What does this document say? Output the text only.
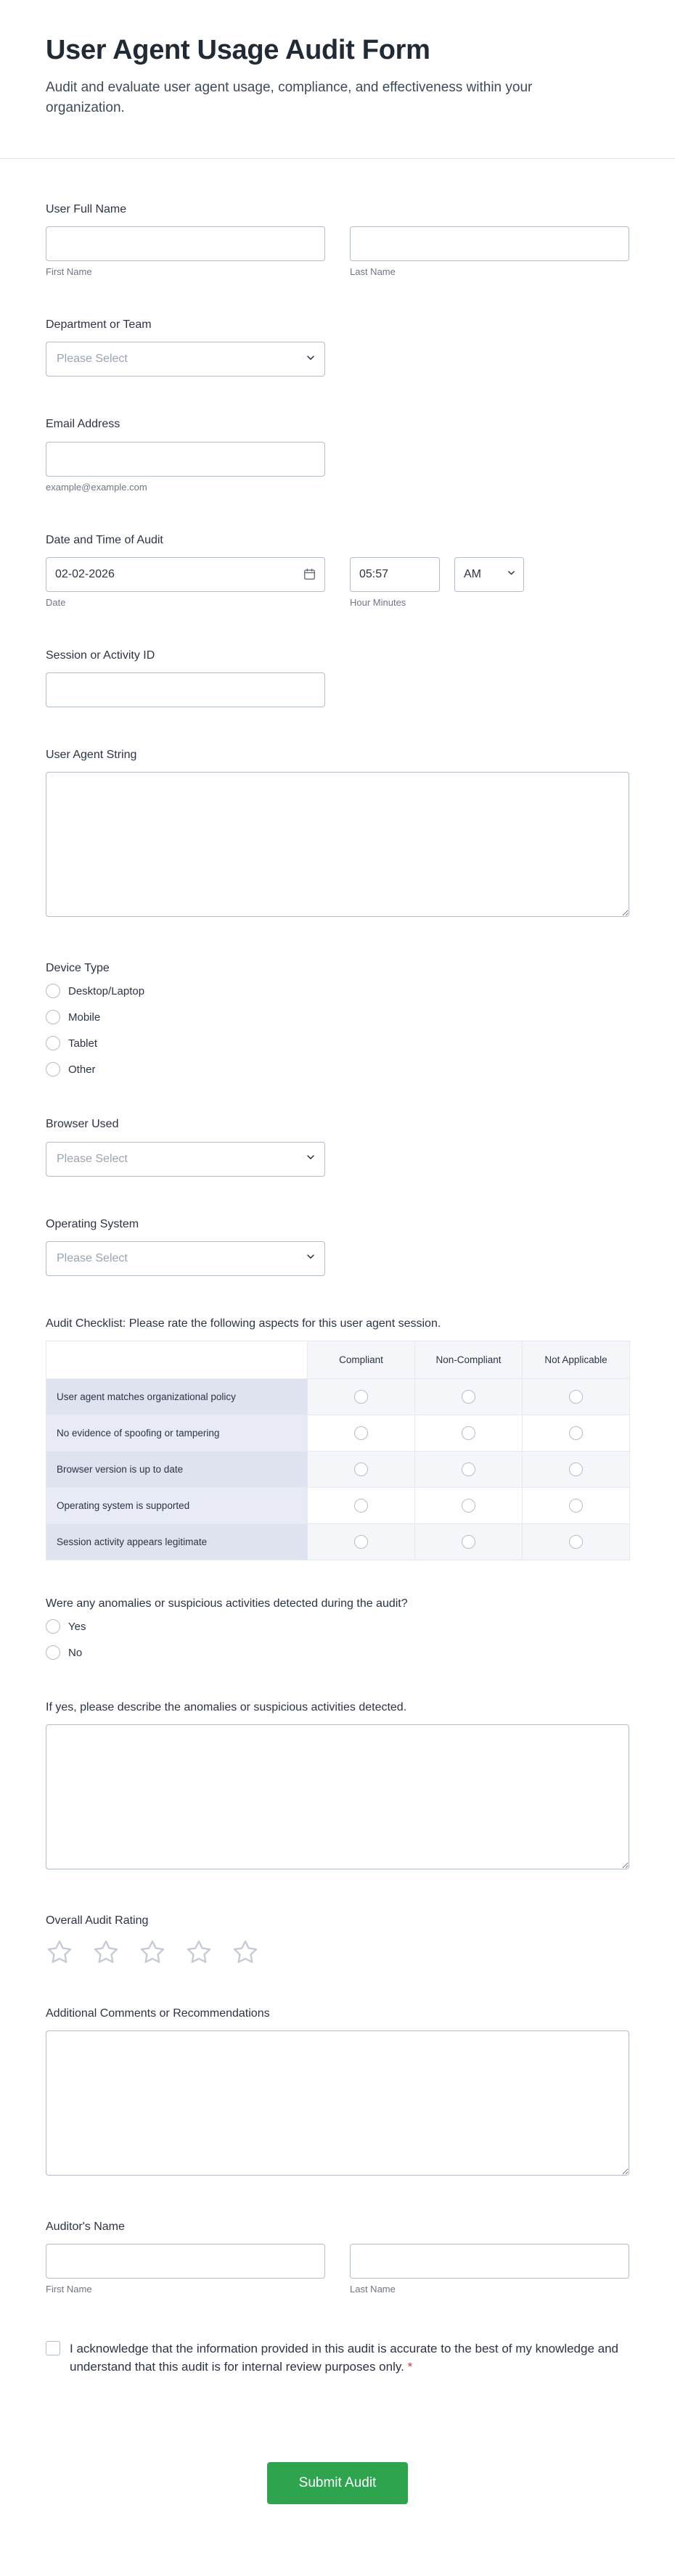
User Agent Usage Audit Form
Audit and evaluate user agent usage, compliance, and effectiveness within your organization.
User Full Name
First Name	Last Name
Department or Team
Please Select
Email Address
example@example.com
Date and Time of Audit
02-02-2026
Date
05:57	Hour Minutes
AM
Session or Activity ID
User Agent String
Device Type
Desktop/Laptop
Mobile
Tablet
Other
Browser Used
Please Select
Operating System
Please Select
Audit Checklist: Please rate the following aspects for this user agent session.
	Compliant	Non-Compliant	Not Applicable
User agent matches organizational policy			
No evidence of spoofing or tampering			
Browser version is up to date			
Operating system is supported			
Session activity appears legitimate			
Were any anomalies or suspicious activities detected during the audit?
Yes
No
If yes, please describe the anomalies or suspicious activities detected.
Overall Audit Rating
Additional Comments or Recommendations
Auditor's Name
First Name	Last Name
I acknowledge that the information provided in this audit is accurate to the best of my knowledge and understand that this audit is for internal review purposes only. *
Submit Audit
